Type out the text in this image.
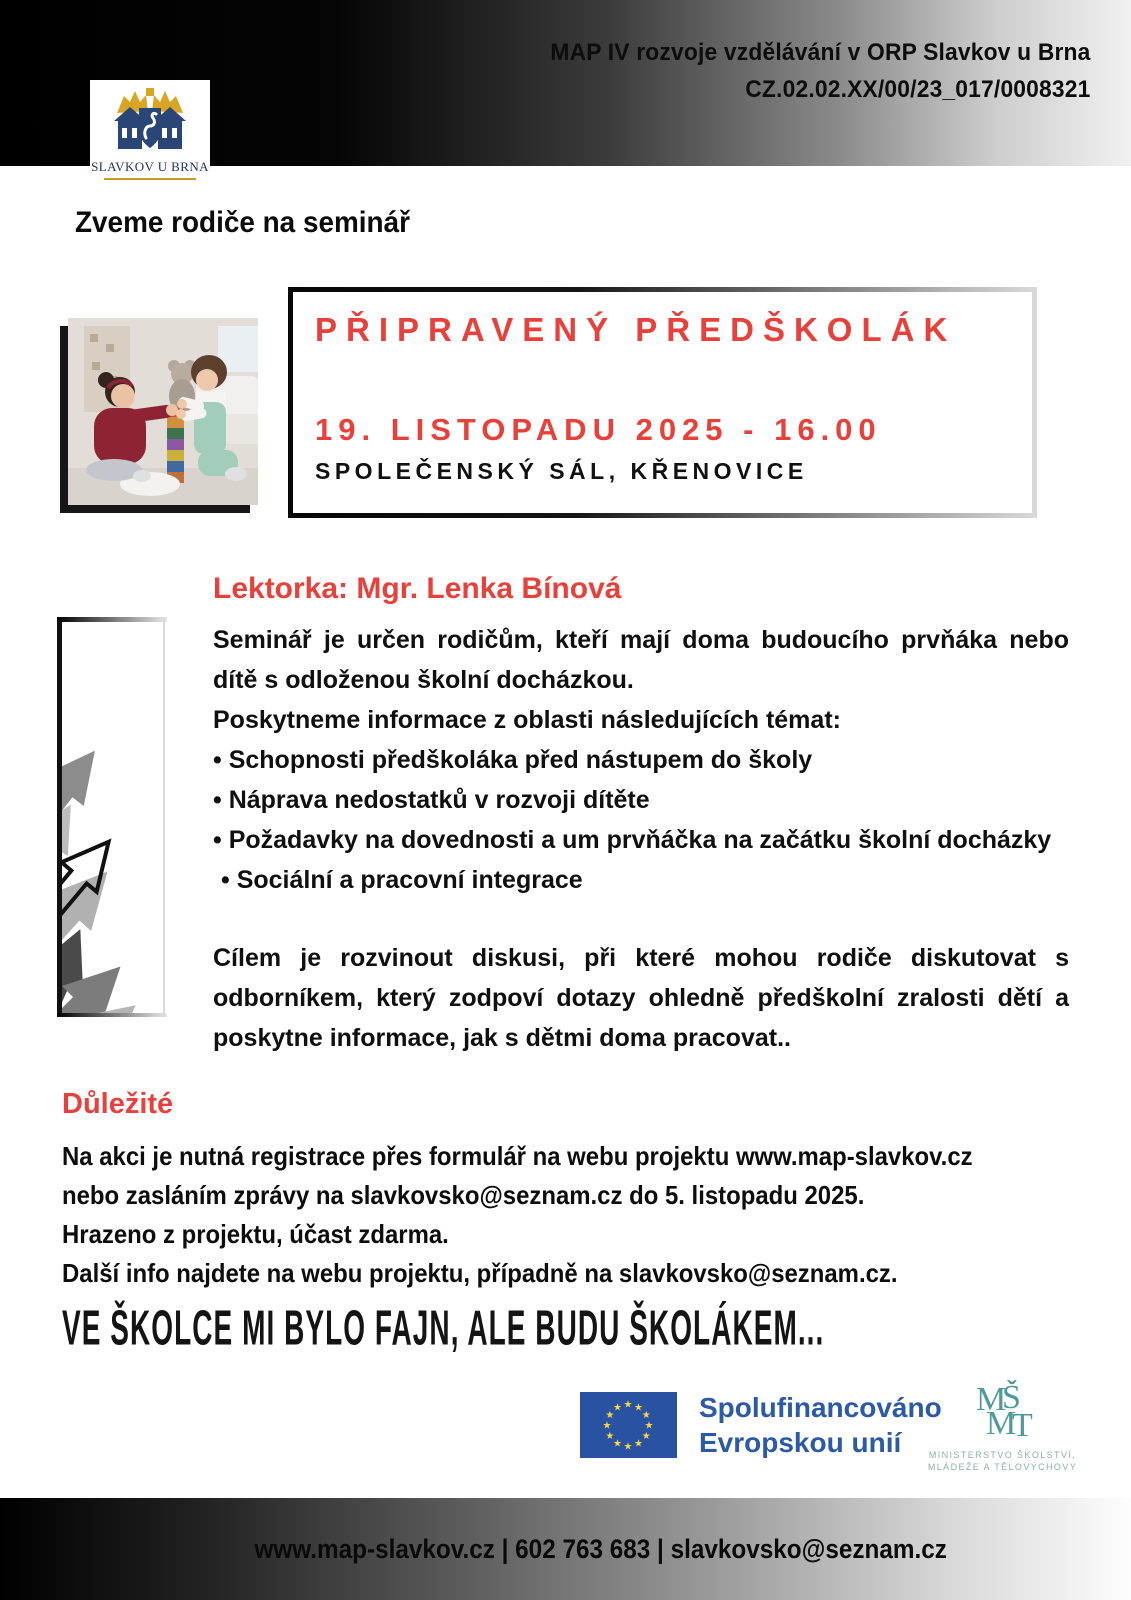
MAP IV rozvoje vzdělávání v ORP Slavkov u Brna
CZ.02.02.XX/00/23_017/0008321
SLAVKOV U BRNA
Zveme rodiče na seminář
PŘIPRAVENÝ PŘEDŠKOLÁK
19. LISTOPADU 2025 - 16.00
SPOLEČENSKÝ SÁL, KŘENOVICE
Lektorka: Mgr. Lenka Bínová

Seminář je určen rodičům, kteří mají doma budoucího prvňáka nebo dítě s odloženou školní docházkou.

Poskytneme informace z oblasti následujících témat:

• Schopnosti předškoláka před nástupem do školy
• Náprava nedostatků v rozvoji dítěte
• Požadavky na dovednosti a um prvňáčka na začátku školní docházky
• Sociální a pracovní integrace

Cílem je rozvinout diskusi, při které mohou rodiče diskutovat s odborníkem, který zodpoví dotazy ohledně předškolní zralosti dětí a poskytne informace, jak s dětmi doma pracovat..

Důležité
Na akci je nutná registrace přes formulář na webu projektu www.map-slavkov.cz
nebo zasláním zprávy na slavkovsko@seznam.cz do 5. listopadu 2025.
Hrazeno z projektu, účast zdarma.
Další info najdete na webu projektu, případně na slavkovsko@seznam.cz.
VE ŠKOLCE MI BYLO FAJN, ALE BUDU ŠKOLÁKEM...
★
★
★
★
★
★
★
★
★ ★ ★
★ Spolufinancováno
Evropskou unií
M
Š
M
T
MINISTERSTVO ŠKOLSTVÍ,
MLÁDEŽE A TĚLOVÝCHOVY
www.map-slavkov.cz | 602 763 683 | slavkovsko@seznam.cz
